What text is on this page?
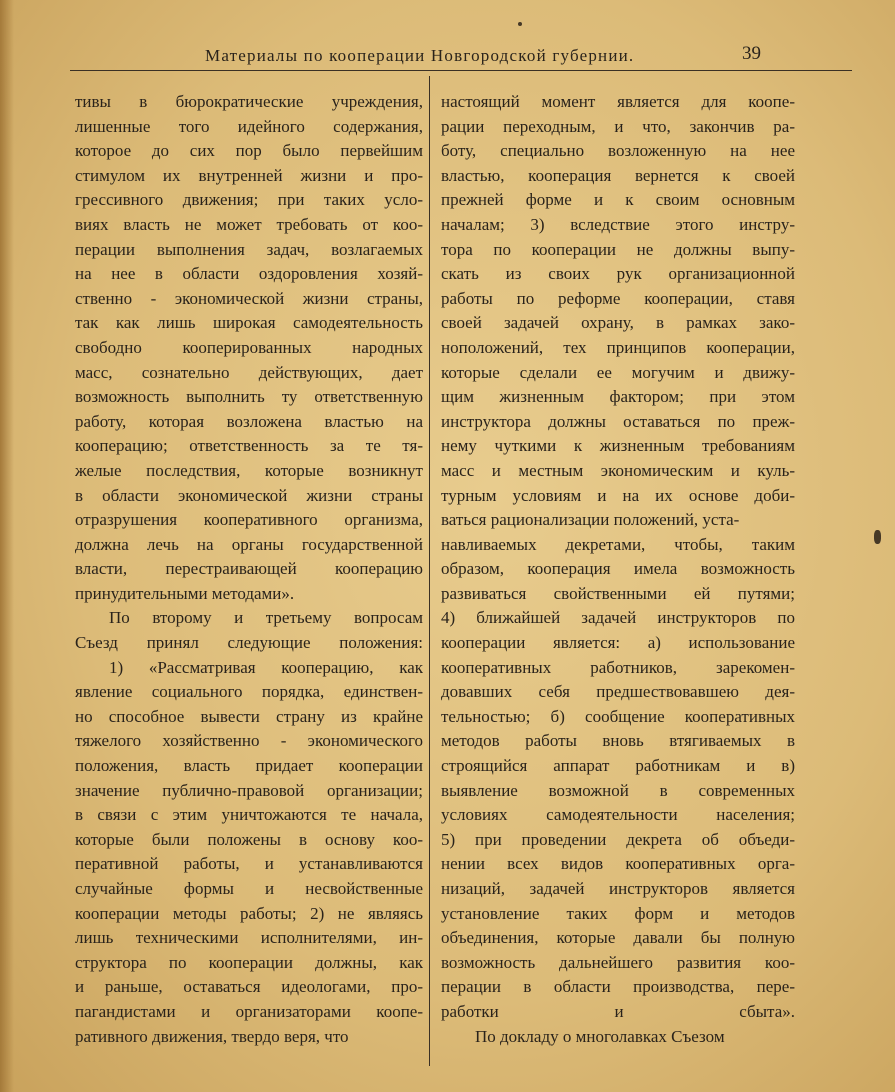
Материалы по кооперации Новгородской губернии.	39
тивы в бюрократические учреждения,
лишенные того идейного содержания,
которое до сих пор было первейшим
стимулом их внутренней жизни и про-
грессивного движения; при таких усло-
виях власть не может требовать от коо-
перации выполнения задач, возлагаемых
на нее в области оздоровления хозяй-
ственно - экономической жизни страны,
так как лишь широкая самодеятельность
свободно кооперированных народных
масс, сознательно действующих, дает
возможность выполнить ту ответственную
работу, которая возложена властью на
кооперацию; ответственность за те тя-
желые последствия, которые возникнут
в области экономической жизни страны
отразрушения кооперативного организма,
должна лечь на органы государственной
власти, перестраивающей кооперацию
принудительными методами».
По второму и третьему вопросам
Съезд принял следующие положения:
1) «Рассматривая кооперацию, как
явление социального порядка, единствен-
но способное вывести страну из крайне
тяжелого хозяйственно - экономического
положения, власть придает кооперации
значение публично-правовой организации;
в связи с этим уничтожаются те начала,
которые были положены в основу коо-
перативной работы, и устанавливаются
случайные формы и несвойственные
кооперации методы работы; 2) не являясь
лишь техническими исполнителями, ин-
структора по кооперации должны, как
и раньше, оставаться идеологами, про-
пагандистами и организаторами коопе-
ративного движения, твердо веря, что
настоящий момент является для коопе-
рации переходным, и что, закончив ра-
боту, специально возложенную на нее
властью, кооперация вернется к своей
прежней форме и к своим основным
началам; 3) вследствие этого инстру-
тора по кооперации не должны выпу-
скать из своих рук организационной
работы по реформе кооперации, ставя
своей задачей охрану, в рамках зако-
ноположений, тех принципов кооперации,
которые сделали ее могучим и движу-
щим жизненным фактором; при этом
инструктора должны оставаться по преж-
нему чуткими к жизненным требованиям
масс и местным экономическим и куль-
турным условиям и на их основе доби-
ваться рационализации положений, уста-
навливаемых декретами, чтобы, таким
образом, кооперация имела возможность
развиваться свойственными ей путями;
4) ближайшей задачей инструкторов по
кооперации является: а) использование
кооперативных работников, зарекомен-
довавших себя предшествовавшею дея-
тельностью; б) сообщение кооперативных
методов работы вновь втягиваемых в
строящийся аппарат работникам и в)
выявление возможной в современных
условиях самодеятельности населения;
5) при проведении декрета об объеди-
нении всех видов кооперативных орга-
низаций, задачей инструкторов является
установление таких форм и методов
объединения, которые давали бы полную
возможность дальнейшего развития коо-
перации в области производства, пере-
работки и сбыта».
По докладу о многолавках Съезом
